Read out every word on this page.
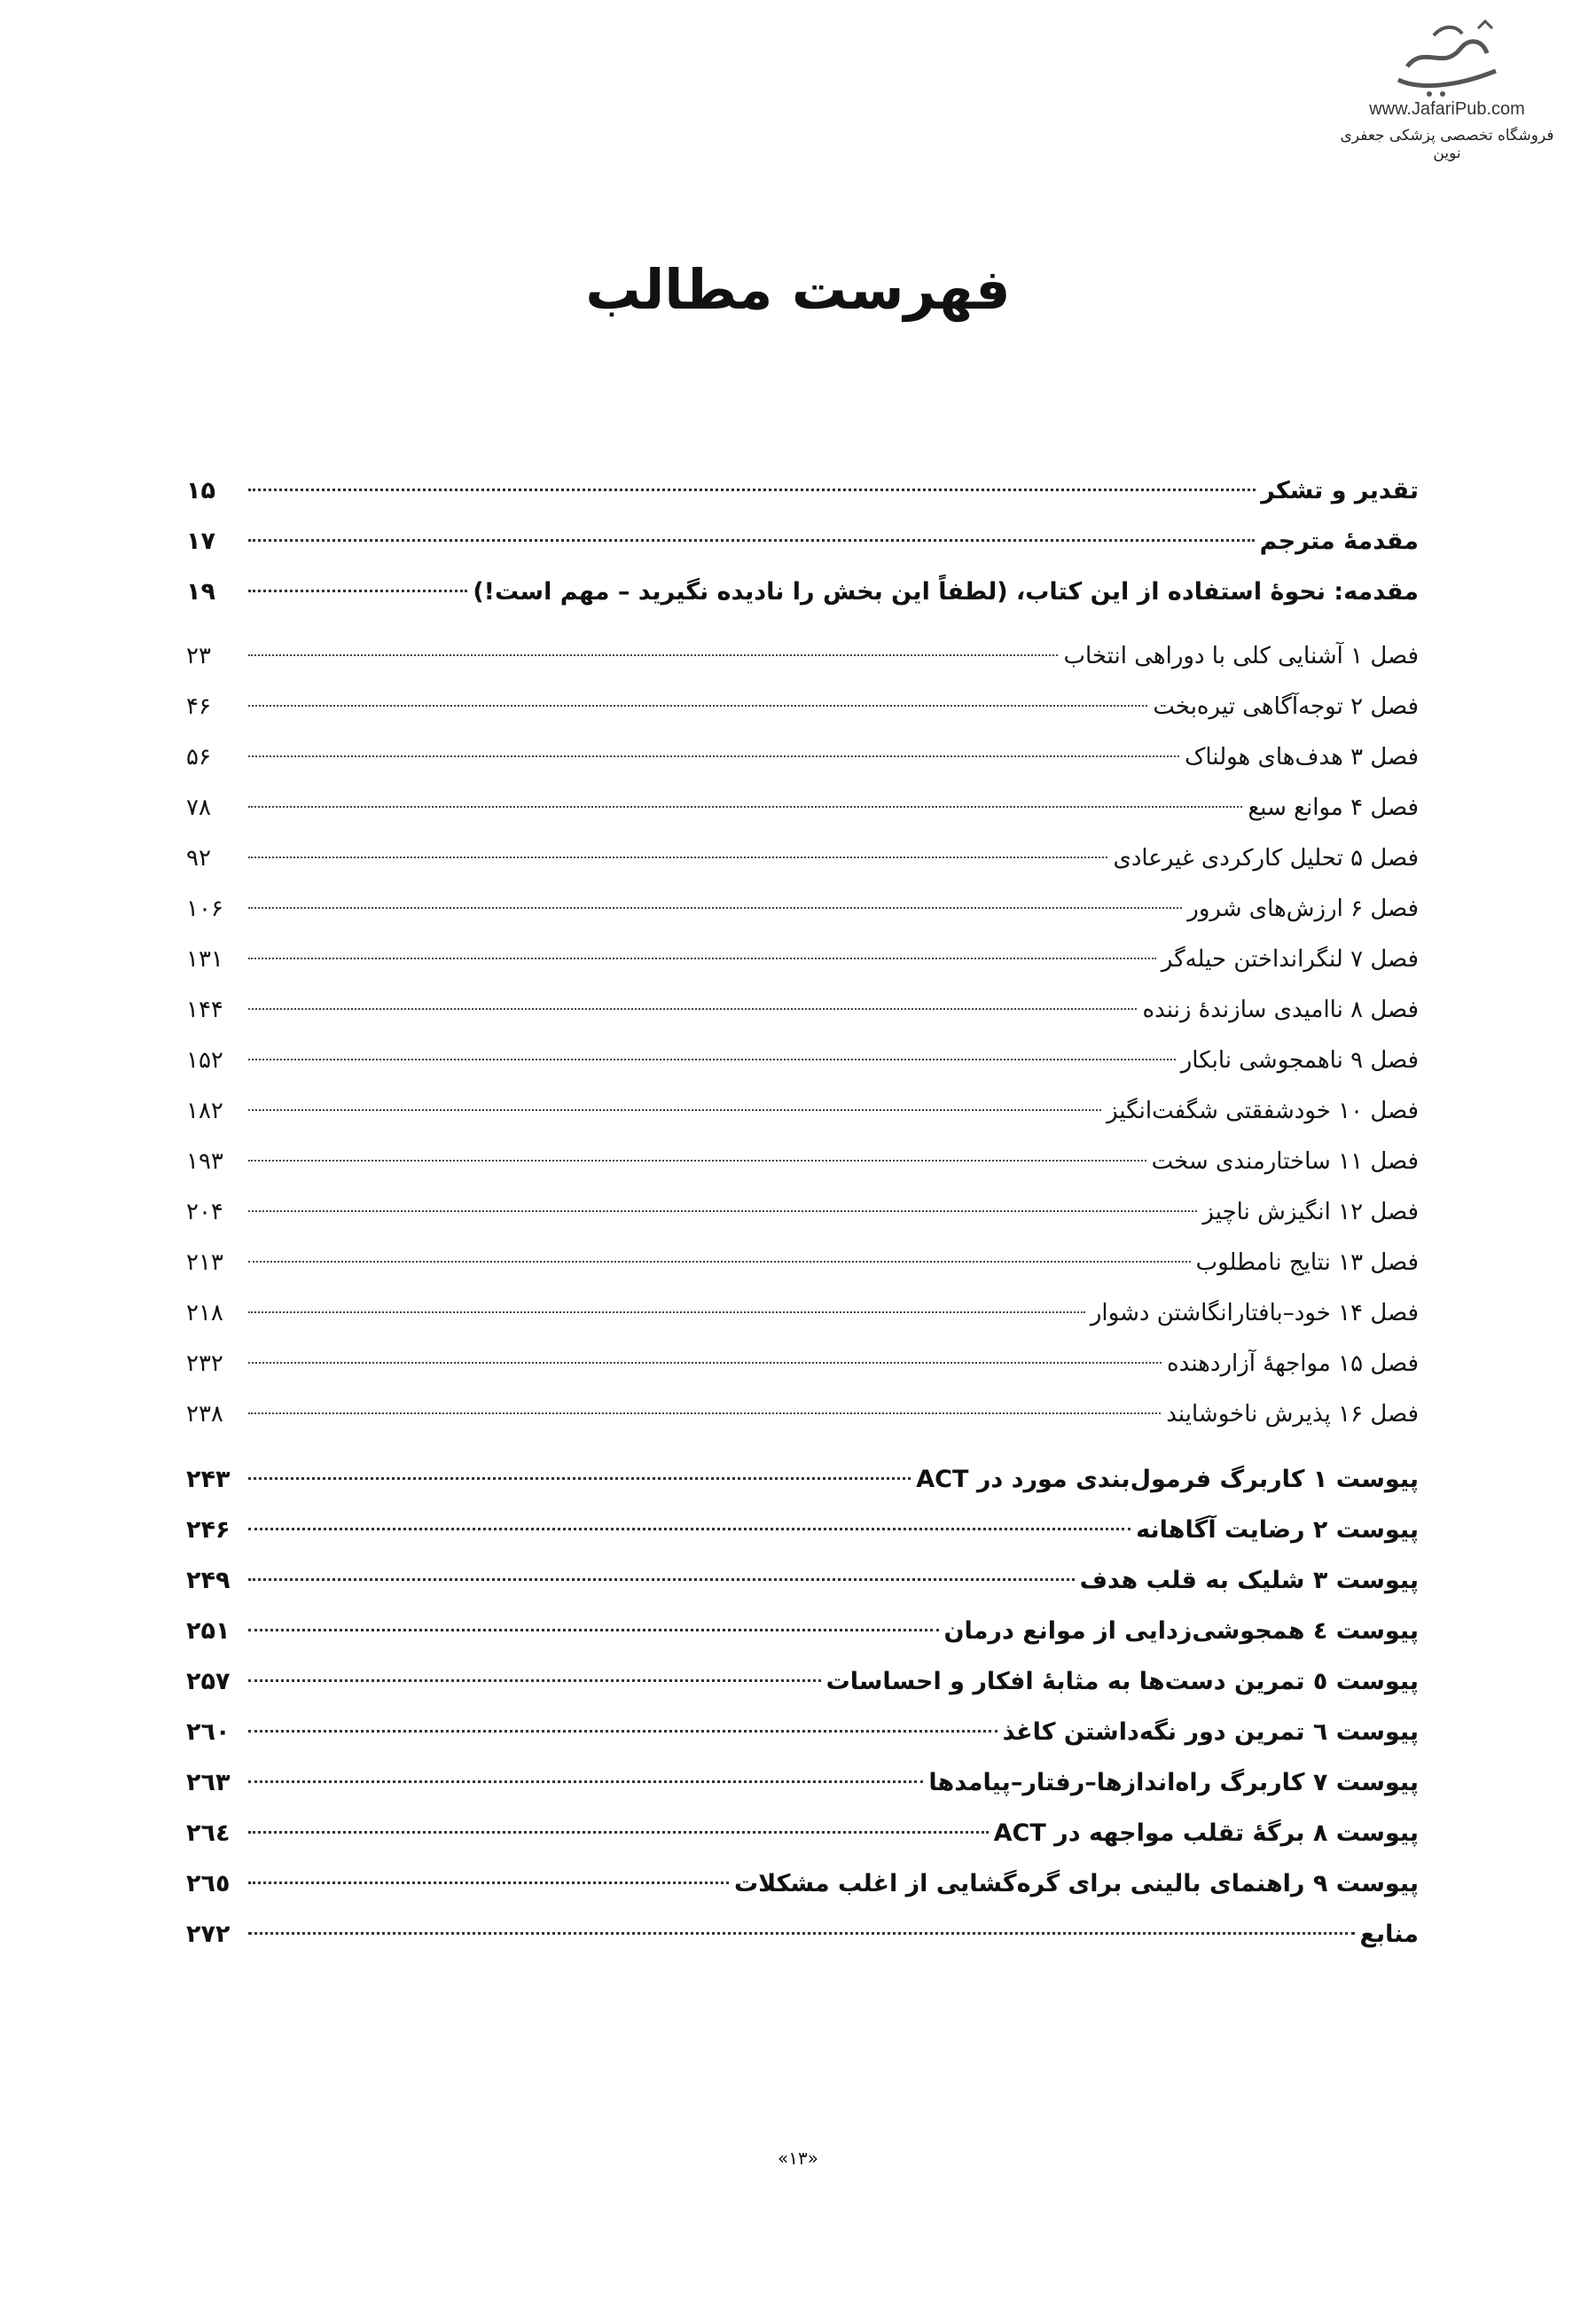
www.JafariPub.com
فروشگاه تخصصی پزشکی جعفری نوین
فهرست مطالب
تقدیر و تشکر
۱۵
مقدمهٔ مترجم
۱۷
مقدمه: نحوهٔ استفاده از این کتاب، (لطفاً این بخش را نادیده نگیرید – مهم است!)
۱۹
فصل ۱ آشنایی کلی با دوراهی انتخاب
۲۳
فصل ۲ توجه‌آگاهی تیره‌بخت
۴۶
فصل ۳ هدف‌های هولناک
۵۶
فصل ۴ موانع سبع
۷۸
فصل ۵ تحلیل کارکردی غیرعادی
۹۲
فصل ۶ ارزش‌های شرور
۱۰۶
فصل ۷ لنگرانداختن حیله‌گر
۱۳۱
فصل ۸ ناامیدی سازندهٔ زننده
۱۴۴
فصل ۹ ناهمجوشی نابکار
۱۵۲
فصل ۱۰ خودشفقتی شگفت‌انگیز
۱۸۲
فصل ۱۱ ساختارمندی سخت
۱۹۳
فصل ۱۲ انگیزش ناچیز
۲۰۴
فصل ۱۳ نتایج نامطلوب
۲۱۳
فصل ۱۴ خود–بافتارانگاشتن دشوار
۲۱۸
فصل ۱۵ مواجههٔ آزاردهنده
۲۳۲
فصل ۱۶ پذیرش ناخوشایند
۲۳۸
پیوست ۱ کاربرگ فرمول‌بندی مورد در ACT
۲۴۳
پیوست ۲ رضایت آگاهانه
۲۴۶
پیوست ۳ شلیک به قلب هدف
۲۴۹
پیوست ٤ همجوشی‌زدایی از موانع درمان
۲۵۱
پیوست ٥ تمرین دست‌ها به مثابهٔ افکار و احساسات
۲۵۷
پیوست ٦ تمرین دور نگه‌داشتن کاغذ
۲٦۰
پیوست ۷ کاربرگ راه‌اندازها–رفتار–پیامدها
۲٦۳
پیوست ۸ برگهٔ تقلب مواجهه در ACT
۲٦٤
پیوست ۹ راهنمای بالینی برای گره‌گشایی از اغلب مشکلات
۲٦٥
منابع
۲۷۲
«۱۳»
